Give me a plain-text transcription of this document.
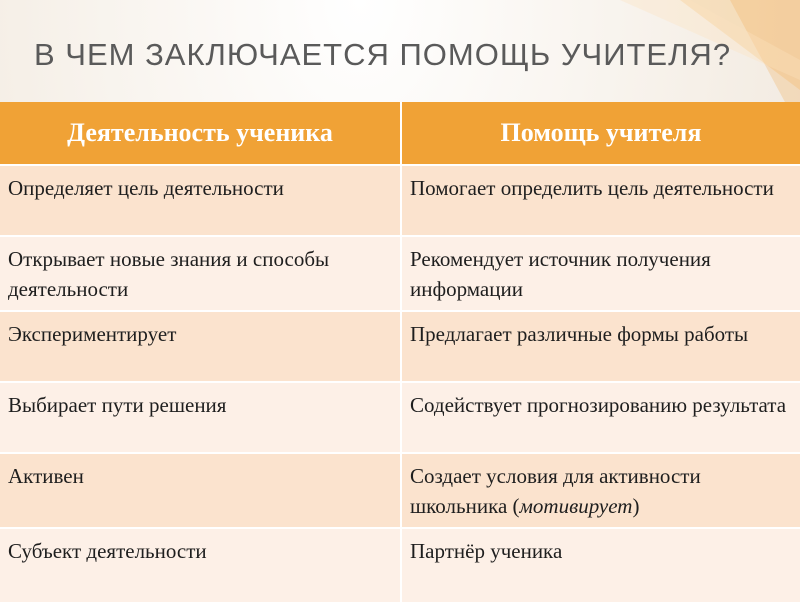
В ЧЕМ ЗАКЛЮЧАЕТСЯ ПОМОЩЬ УЧИТЕЛЯ?
Деятельность ученика	Помощь учителя
Определяет цель деятельности	Помогает определить цель деятельности
Открывает новые знания и способы деятельности	Рекомендует источник получения информации
Экспериментирует	Предлагает различные формы работы
Выбирает пути решения	Содействует прогнозированию результата
Активен	Создает условия для активности школьника (мотивирует)
Субъект деятельности	Партнёр ученика
